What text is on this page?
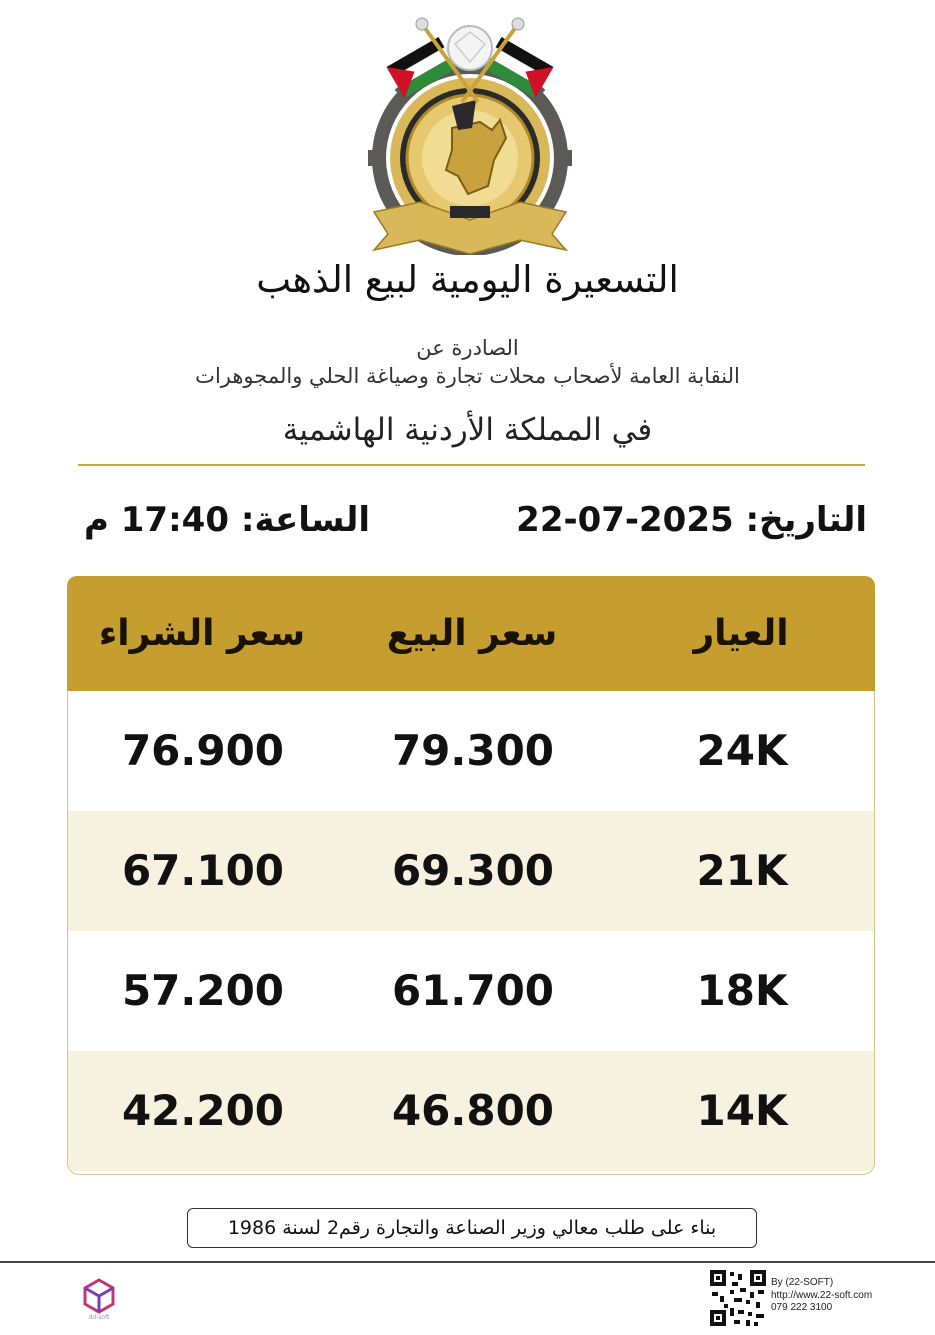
التسعيرة اليومية لبيع الذهب
الصادرة عن
النقابة العامة لأصحاب محلات تجارة وصياغة الحلي والمجوهرات
في المملكة الأردنية الهاشمية
التاريخ: 22-07-2025
الساعة: 17:40 م
سعر الشراء	سعر البيع	العيار
76.900	79.300	24K
67.100	69.300	21K
57.200	61.700	18K
42.200	46.800	14K
بناء على طلب معالي وزير الصناعة والتجارة رقم2 لسنة 1986
dd-soft
By (22-SOFT)
http://www.22-soft.com
079 222 3100
